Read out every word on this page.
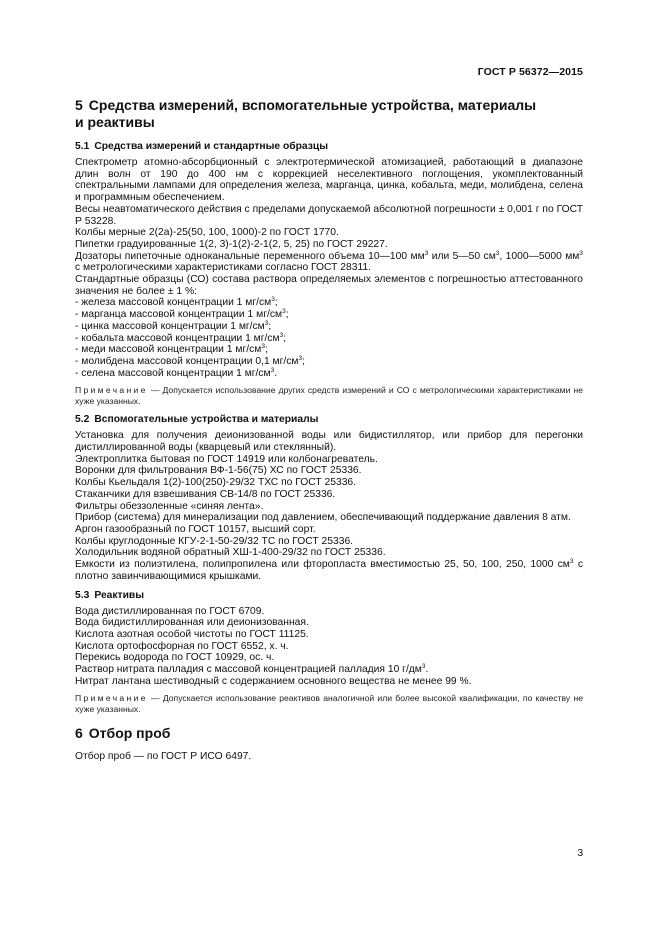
ГОСТ Р 56372—2015
5 Средства измерений, вспомогательные устройства, материалы
и реактивы
5.1 Средства измерений и стандартные образцы

Спектрометр атомно-абсорбционный с электротермической атомизацией, работающий в диапазоне длин волн от 190 до 400 нм с коррекцией неселективного поглощения, укомплектованный спектральными лампами для определения железа, марганца, цинка, кобальта, меди, молибдена, селена и программным обеспечением.

Весы неавтоматического действия с пределами допускаемой абсолютной погрешности ± 0,001 г по ГОСТ Р 53228.

Колбы мерные 2(2а)-25(50, 100, 1000)-2 по ГОСТ 1770.

Пипетки градуированные 1(2, 3)-1(2)-2-1(2, 5, 25) по ГОСТ 29227.

Дозаторы пипеточные одноканальные переменного объема 10—100 $мм^3$ или 5—50 $см^3$, 1000—5000 $мм^3$ с метрологическими характеристиками согласно ГОСТ 28311.

Стандартные образцы (СО) состава раствора определяемых элементов с погрешностью аттестованного значения не более ± 1 %:

- железа массовой концентрации 1 $мг/см^3$;

- марганца массовой концентрации 1 $мг/см^3$;

- цинка массовой концентрации 1 $мг/см^3$;

- кобальта массовой концентрации 1 $мг/см^3$;

- меди массовой концентрации 1 $мг/см^3$;

- молибдена массовой концентрации 0,1 $мг/см^3$;

- селена массовой концентрации 1 $мг/см^3$.

Примечание — Допускается использование других средств измерений и СО с метрологическими характеристиками не хуже указанных.
5.2 Вспомогательные устройства и материалы

Установка для получения деионизованной воды или бидистиллятор, или прибор для перегонки дистиллированной воды (кварцевый или стеклянный).

Электроплитка бытовая по ГОСТ 14919 или колбонагреватель.

Воронки для фильтрования ВФ-1-56(75) ХС по ГОСТ 25336.

Колбы Кьельдаля 1(2)-100(250)-29/32 ТХС по ГОСТ 25336.

Стаканчики для взвешивания СВ-14/8 по ГОСТ 25336.

Фильтры обеззоленные «синяя лента».

Прибор (система) для минерализации под давлением, обеспечивающий поддержание давления 8 атм.

Аргон газообразный по ГОСТ 10157, высший сорт.

Колбы круглодонные КГУ-2-1-50-29/32 ТС по ГОСТ 25336.

Холодильник водяной обратный ХШ-1-400-29/32 по ГОСТ 25336.

Емкости из полиэтилена, полипропилена или фторопласта вместимостью 25, 50, 100, 250, 1000 $см^3$ с плотно завинчивающимися крышками.

5.3 Реактивы

Вода дистиллированная по ГОСТ 6709.

Вода бидистиллированная или деионизованная.

Кислота азотная особой чистоты по ГОСТ 11125.

Кислота ортофосфорная по ГОСТ 6552, х. ч.

Перекись водорода по ГОСТ 10929, ос. ч.

Раствор нитрата палладия с массовой концентрацией палладия 10 $г/дм^3$.

Нитрат лантана шестиводный с содержанием основного вещества не менее 99 %.

Примечание — Допускается использование реактивов аналогичной или более высокой квалификации, по качеству не хуже указанных.
6 Отбор проб

Отбор проб — по ГОСТ Р ИСО 6497.

3
